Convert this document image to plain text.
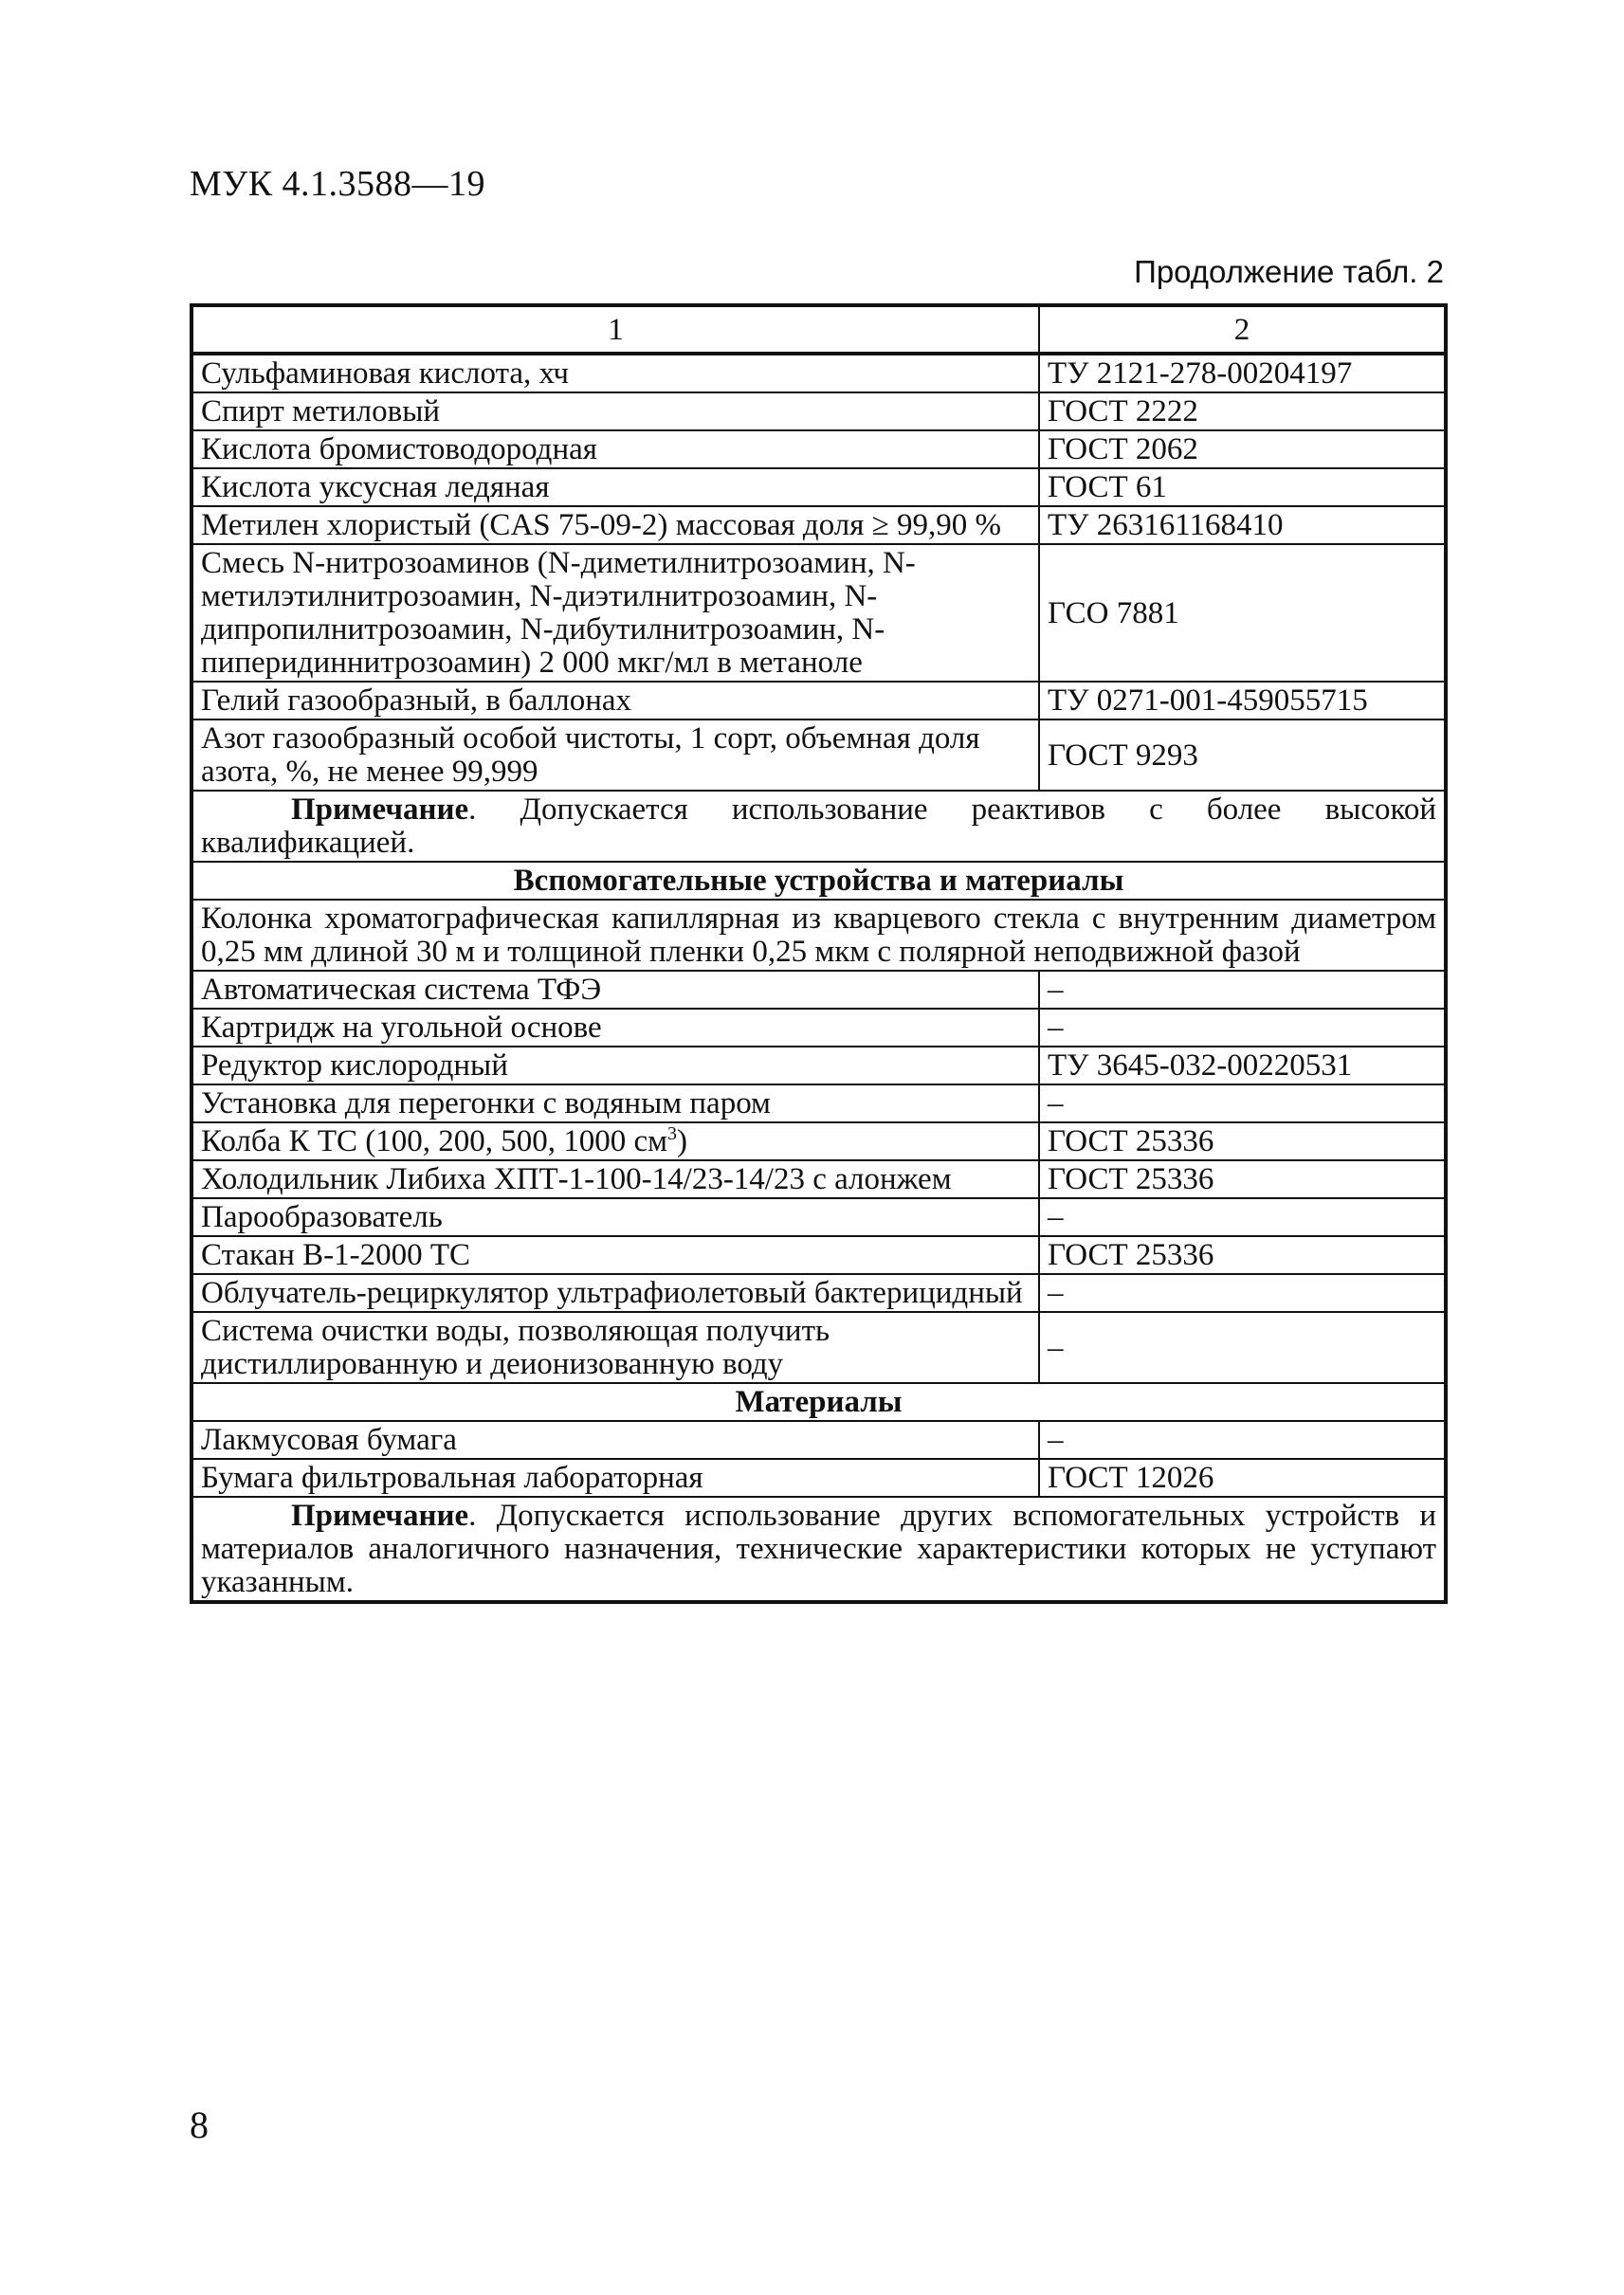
МУК 4.1.3588—19
Продолжение табл. 2
1	2
Сульфаминовая кислота, хч	ТУ 2121-278-00204197
Спирт метиловый	ГОСТ 2222
Кислота бромистоводородная	ГОСТ 2062
Кислота уксусная ледяная	ГОСТ 61
Метилен хлористый (CAS 75-09-2) массовая доля ≥ 99,90 %	ТУ 263161168410
Смесь N-нитрозоаминов (N-диметилнитрозоамин, N-метилэтилнитрозоамин, N-диэтилнитрозоамин, N-дипропилнитрозоамин, N-дибутилнитрозоамин, N-пиперидиннитрозоамин) 2 000 мкг/мл в метаноле	ГСО 7881
Гелий газообразный, в баллонах	ТУ 0271-001-459055715
Азот газообразный особой чистоты, 1 сорт, объемная доля азота, %, не менее 99,999	ГОСТ 9293
Примечание. Допускается использование реактивов с более высокой квалификацией.	
Вспомогательные устройства и материалы	
Колонка хроматографическая капиллярная из кварцевого стекла с внутренним диаметром 0,25 мм длиной 30 м и толщиной пленки 0,25 мкм с полярной неподвижной фазой	
Автоматическая система ТФЭ	–
Картридж на угольной основе	–
Редуктор кислородный	ТУ 3645-032-00220531
Установка для перегонки с водяным паром	–
Колба К ТС (100, 200, 500, 1000 $см^3$)	ГОСТ 25336
Холодильник Либиха ХПТ-1-100-14/23-14/23 с алонжем	ГОСТ 25336
Парообразователь	–
Стакан В-1-2000 ТС	ГОСТ 25336
Облучатель-рециркулятор ультрафиолетовый бактерицидный	–
Система очистки воды, позволяющая получить дистиллированную и деионизованную воду	–
Материалы	
Лакмусовая бумага	–
Бумага фильтровальная лабораторная	ГОСТ 12026
Примечание. Допускается использование других вспомогательных устройств и материалов аналогичного назначения, технические характеристики которых не уступают указанным.	
8
